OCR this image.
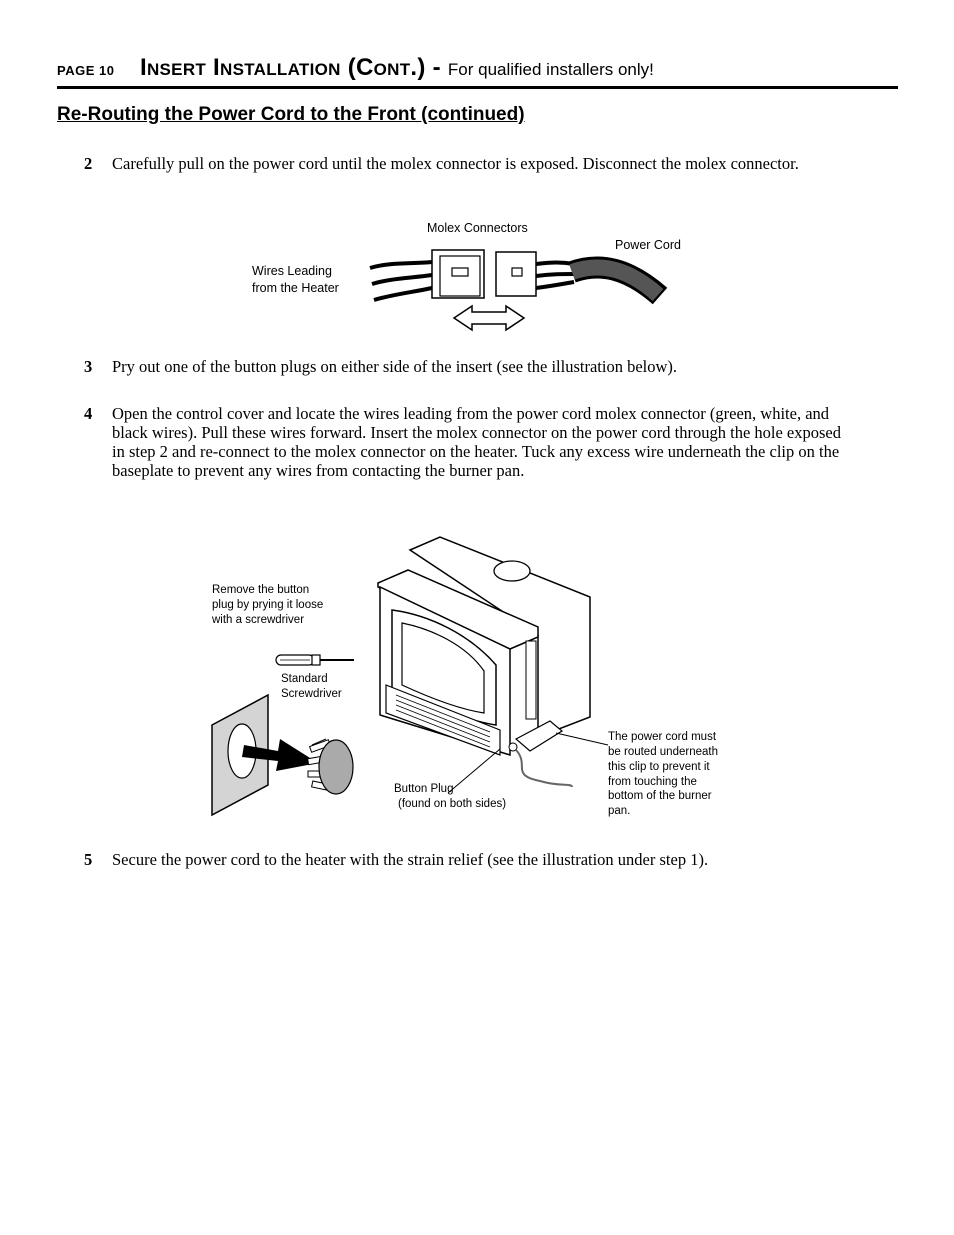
PAGE 10 Insert Installation (Cont.) - For qualified installers only!
Re-Routing the Power Cord to the Front (continued)
2 Carefully pull on the power cord until the molex connector is exposed. Disconnect the molex connector.
Molex Connectors
Power Cord
Wires Leading
from the Heater
3 Pry out one of the button plugs on either side of the insert (see the illustration below).
4 Open the control cover and locate the wires leading from the power cord molex connector (green, white, and black wires). Pull these wires forward. Insert the molex connector on the power cord through the hole exposed in step 2 and re-connect to the molex connector on the heater. Tuck any excess wire underneath the clip on the baseplate to prevent any wires from contacting the burner pan.
Remove the button
plug by prying it loose
with a screwdriver
Standard
Screwdriver
Button Plug
(found on both sides)
The power cord must
be routed underneath
this clip to prevent it
from touching the
bottom of the burner
pan.
5 Secure the power cord to the heater with the strain relief (see the illustration under step 1).
